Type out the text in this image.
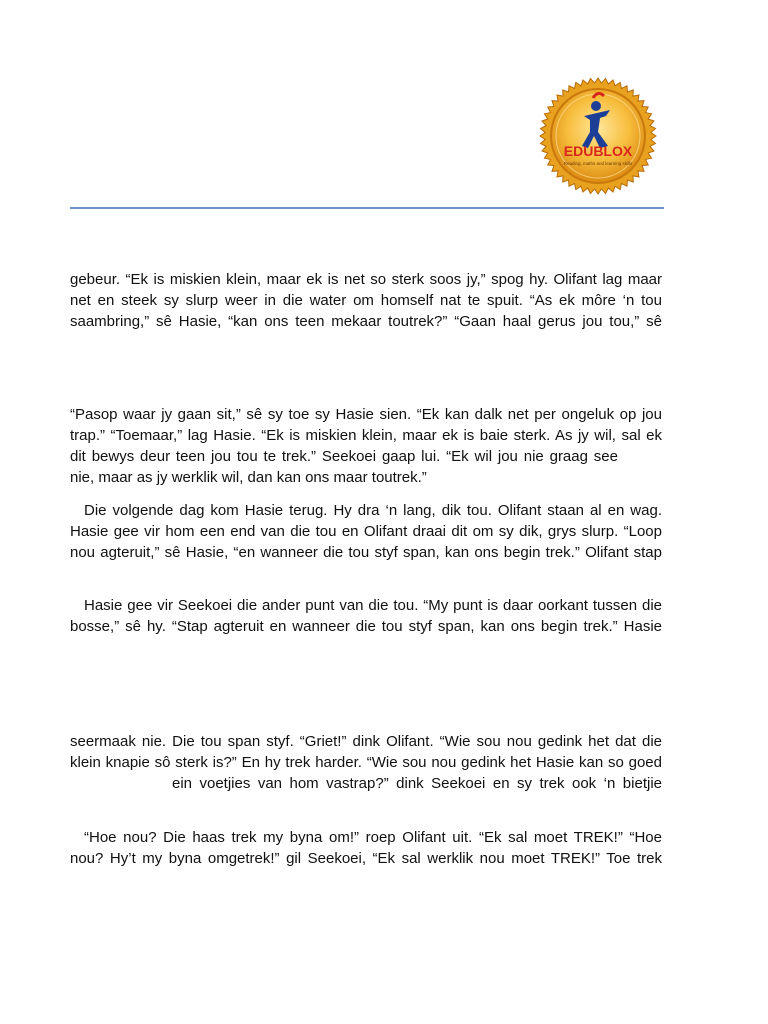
EDUBLOX
Reading, maths and learning skills
gebeur. “Ek is miskien klein, maar ek is net so sterk soos jy,” spog hy. Olifant lag maar
net en steek sy slurp weer in die water om homself nat te spuit. “As ek môre ‘n tou
saambring,” sê Hasie, “kan ons teen mekaar toutrek?” “Gaan haal gerus jou tou,” sê
“Pasop waar jy gaan sit,” sê sy toe sy Hasie sien. “Ek kan dalk net per ongeluk op jou
trap.” “Toemaar,” lag Hasie. “Ek is miskien klein, maar ek is baie sterk. As jy wil, sal ek
dit bewys deur teen jou tou te trek.” Seekoei gaap lui. “Ek wil jou nie graag see
nie, maar as jy werklik wil, dan kan ons maar toutrek.”
Die volgende dag kom Hasie terug. Hy dra ‘n lang, dik tou. Olifant staan al en wag.
Hasie gee vir hom een end van die tou en Olifant draai dit om sy dik, grys slurp. “Loop
nou agteruit,” sê Hasie, “en wanneer die tou styf span, kan ons begin trek.” Olifant stap
Hasie gee vir Seekoei die ander punt van die tou. “My punt is daar oorkant tussen die
bosse,” sê hy. “Stap agteruit en wanneer die tou styf span, kan ons begin trek.” Hasie
seermaak nie. Die tou span styf. “Griet!” dink Olifant. “Wie sou nou gedink het dat die
klein knapie sô sterk is?” En hy trek harder. “Wie sou nou gedink het Hasie kan so goed
ein voetjies van hom vastrap?” dink Seekoei en sy trek ook ‘n bietjie
“Hoe nou? Die haas trek my byna om!” roep Olifant uit. “Ek sal moet TREK!” “Hoe
nou? Hy’t my byna omgetrek!” gil Seekoei, “Ek sal werklik nou moet TREK!” Toe trek
